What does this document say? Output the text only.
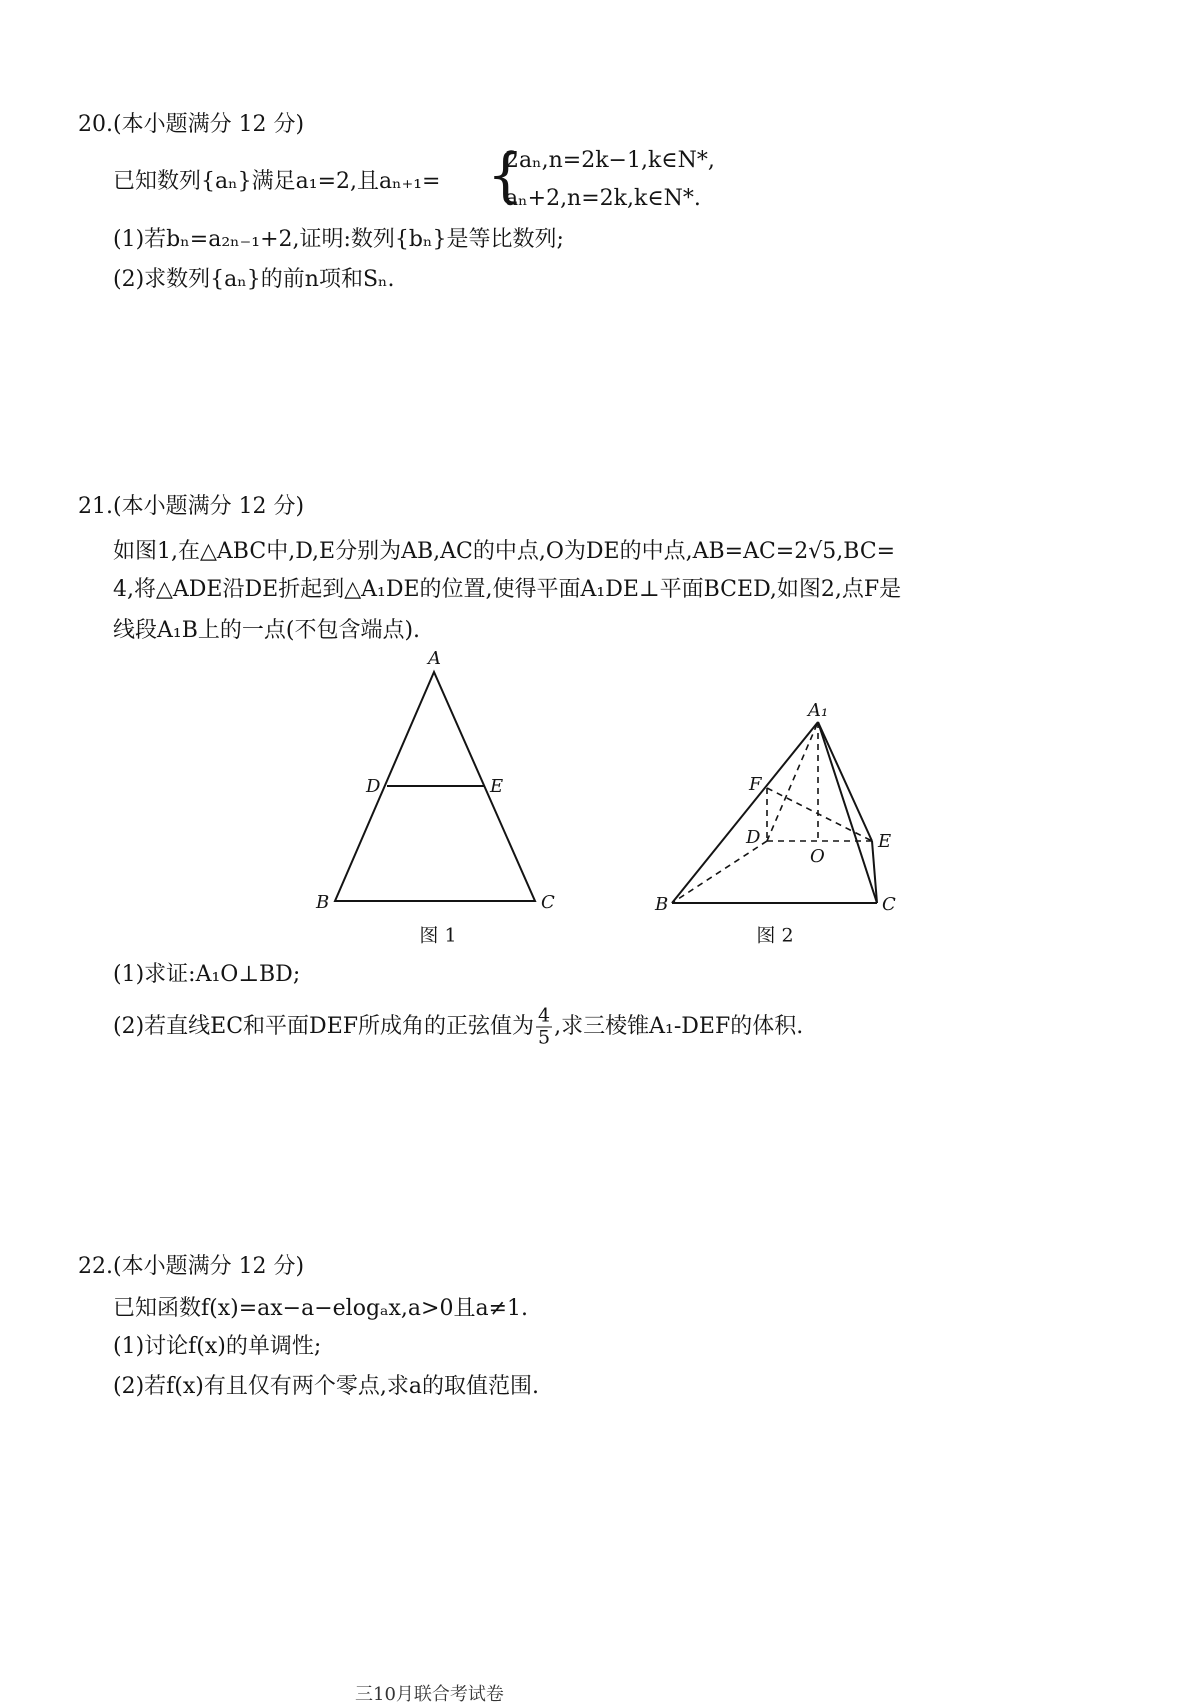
20.(本小题满分 12 分)
已知数列{aₙ}满足a₁=2,且aₙ₊₁= {
2aₙ,n=2k−1,k∈N*,
aₙ+2,n=2k,k∈N*.
(1)若bₙ=a₂ₙ₋₁+2,证明:数列{bₙ}是等比数列;
(2)求数列{aₙ}的前n项和Sₙ.
21.(本小题满分 12 分)
如图1,在△ABC中,D,E分别为AB,AC的中点,O为DE的中点,AB=AC=2√5,BC=
4,将△ADE沿DE折起到△A₁DE的位置,使得平面A₁DE⊥平面BCED,如图2,点F是
线段A₁B上的一点(不包含端点).
A
D	E
B	C
A₁
F
D
O
E
B	C
图 1	图 2
(1)求证:A₁O⊥BD;
(2)若直线EC和平面DEF所成角的正弦值为 $\frac{4}{5}$ ,求三棱锥A₁-DEF的体积.
22.(本小题满分 12 分)
已知函数f(x)=ax−a−elogₐx,a>0且a≠1.
(1)讨论f(x)的单调性;
(2)若f(x)有且仅有两个零点,求a的取值范围.
三10月联合考试卷
